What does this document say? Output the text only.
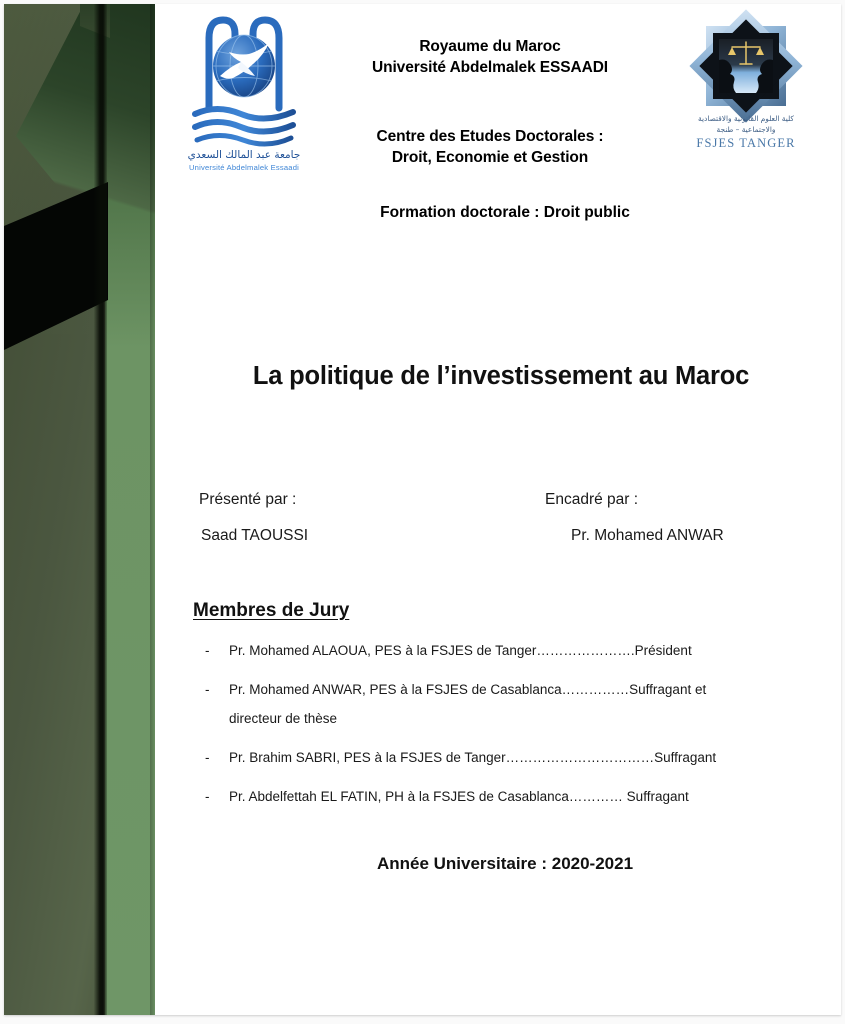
جامعة عبد المالك السعدي
Université Abdelmalek Essaadi
كلية العلوم القانونية والاقتصادية
والاجتماعية – طنجة
FSJES TANGER
Royaume du Maroc
Université Abdelmalek ESSAADI
Centre des Etudes Doctorales :
Droit, Economie et Gestion
Formation doctorale : Droit public
La politique de l’investissement au Maroc
Présenté par :
Saad TAOUSSI
Encadré par :
Pr. Mohamed ANWAR
Membres de Jury
- Pr. Mohamed ALAOUA, PES à la FSJES de Tanger………………….Président
- Pr. Mohamed ANWAR, PES à la FSJES de Casablanca……………Suffragant et
directeur de thèse
- Pr. Brahim SABRI, PES à la FSJES de Tanger……………………………Suffragant
- Pr. Abdelfettah EL FATIN, PH à la FSJES de Casablanca………… Suffragant
Année Universitaire : 2020-2021
